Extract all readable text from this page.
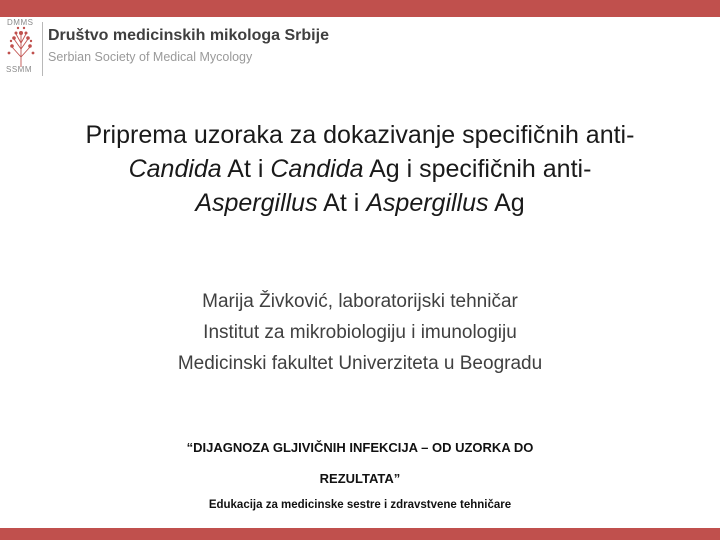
DMMS
SSMM
Društvo medicinskih mikologa Srbije
Serbian Society of Medical Mycology
Priprema uzoraka za dokazivanje specifičnih anti-
Candida At i Candida Ag i specifičnih anti-
Aspergillus At i Aspergillus Ag
Marija Živković, laboratorijski tehničar
Institut za mikrobiologiju i imunologiju
Medicinski fakultet Univerziteta u Beogradu
“DIJAGNOZA GLJIVIČNIH INFEKCIJA – OD UZORKA DO
REZULTATA”
Edukacija za medicinske sestre i zdravstvene tehničare
